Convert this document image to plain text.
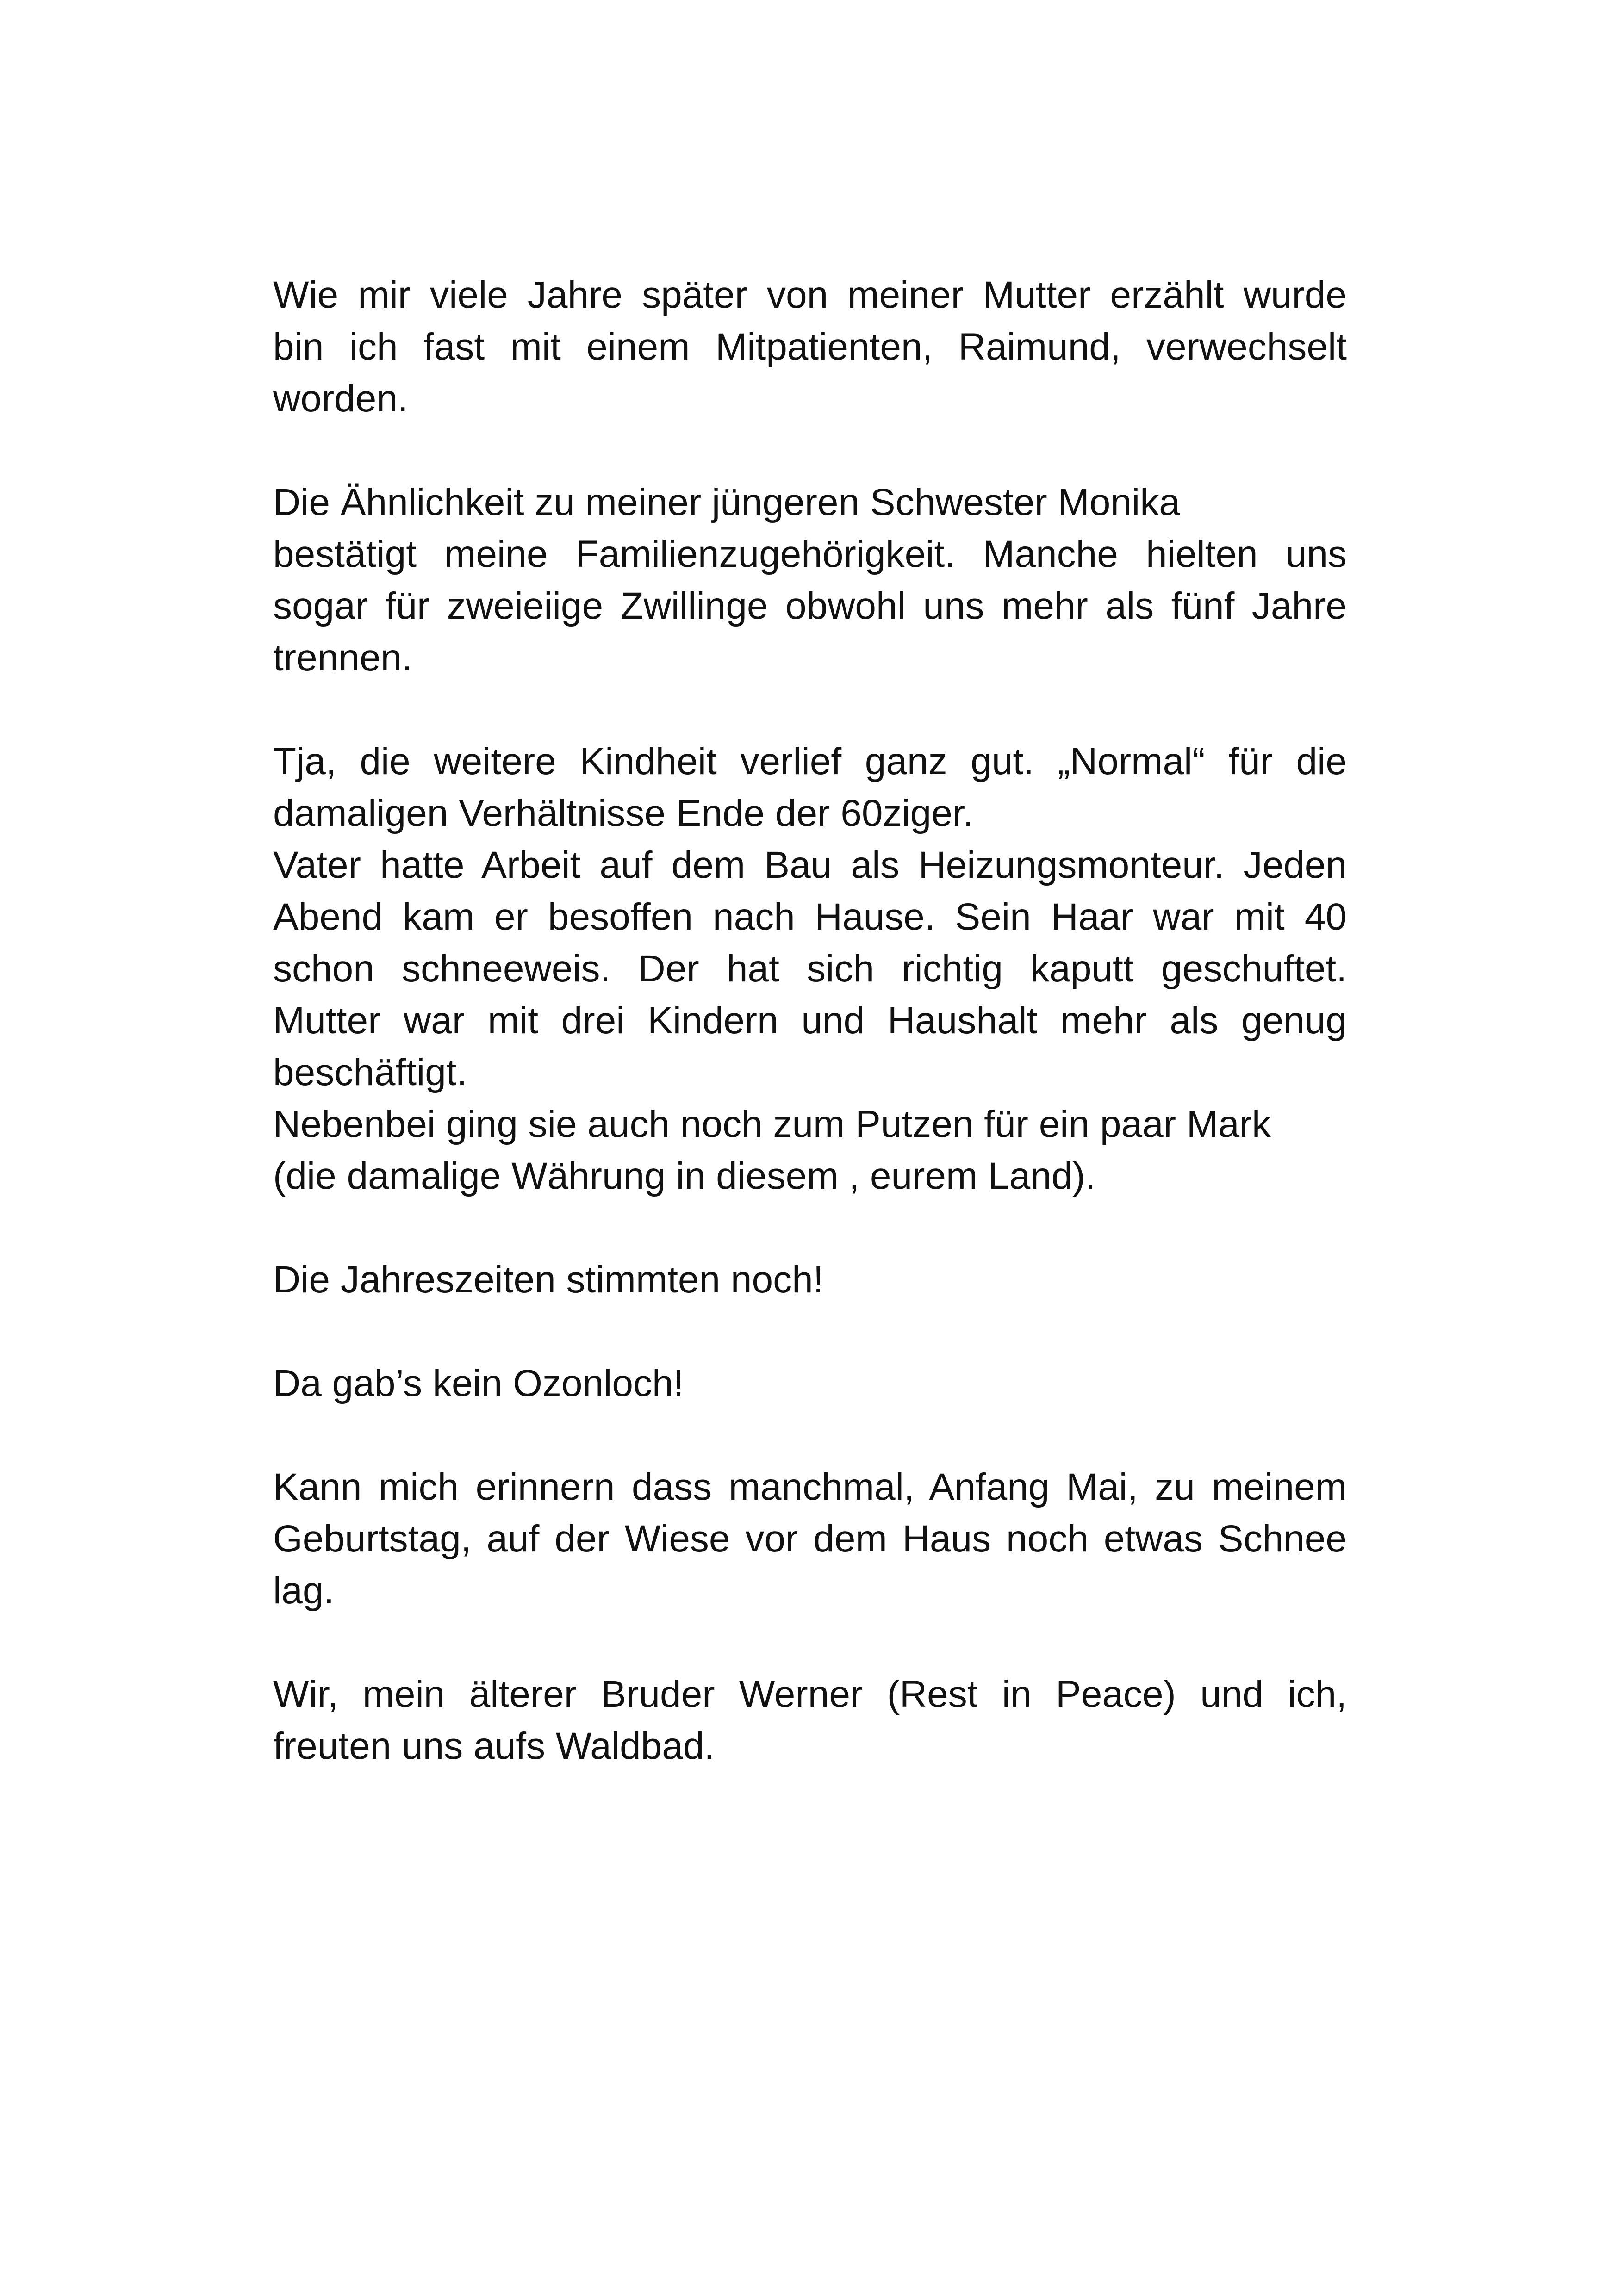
Wie mir viele Jahre später von meiner Mutter erzählt wurde
bin ich fast mit einem Mitpatienten, Raimund, verwechselt
worden.

Die Ähnlichkeit zu meiner jüngeren Schwester Monika
bestätigt meine Familienzugehörigkeit. Manche hielten uns
sogar für zweieiige Zwillinge obwohl uns mehr als fünf Jahre
trennen.

Tja, die weitere Kindheit verlief ganz gut. „Normal“ für die
damaligen Verhältnisse Ende der 60ziger.

Vater hatte Arbeit auf dem Bau als Heizungsmonteur. Jeden
Abend kam er besoffen nach Hause. Sein Haar war mit 40
schon schneeweis. Der hat sich richtig kaputt geschuftet.
Mutter war mit drei Kindern und Haushalt mehr als genug
beschäftigt.

Nebenbei ging sie auch noch zum Putzen für ein paar Mark
(die damalige Währung in diesem , eurem Land).

Die Jahreszeiten stimmten noch!

Da gab’s kein Ozonloch!

Kann mich erinnern dass manchmal, Anfang Mai, zu meinem
Geburtstag, auf der Wiese vor dem Haus noch etwas Schnee
lag.

Wir, mein älterer Bruder Werner (Rest in Peace) und ich,
freuten uns aufs Waldbad.
